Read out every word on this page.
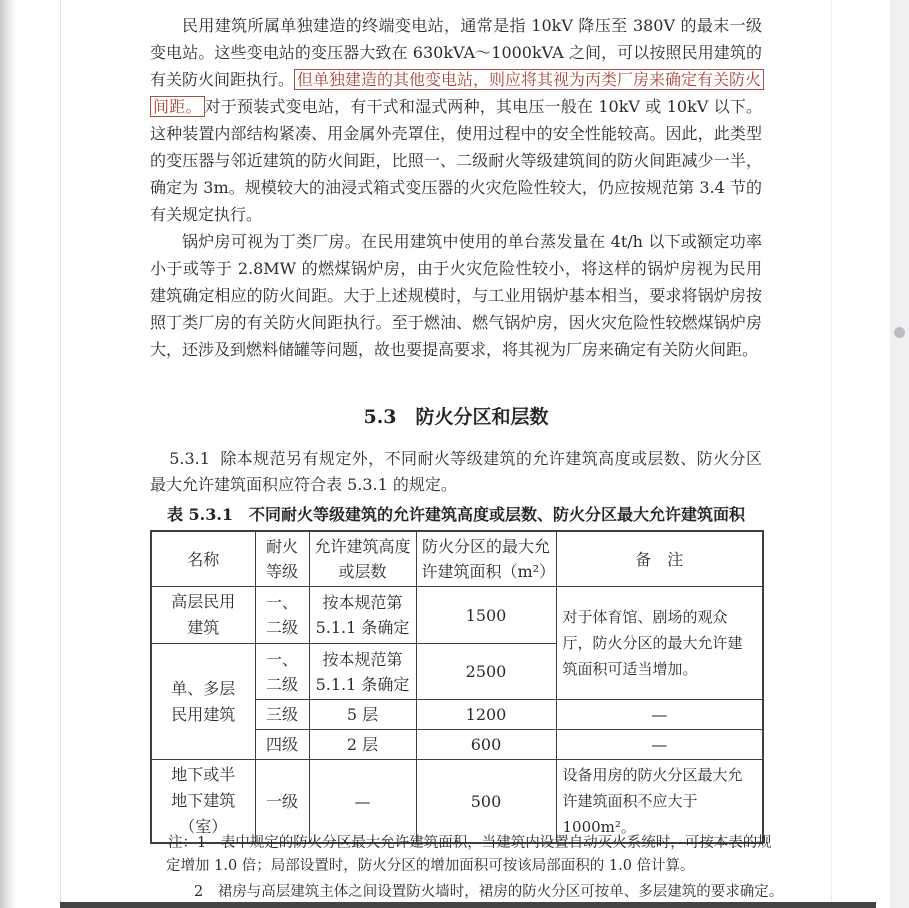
民用建筑所属单独建造的终端变电站，通常是指 10kV 降压至 380V 的最末一级变电站。这些变电站的变压器大致在 630kVA～1000kVA 之间，可以按照民用建筑的有关防火间距执行。 但单独建造的其他变电站，则应将其视为丙类厂房来确定有关防火间距。 对于预装式变电站，有干式和湿式两种，其电压一般在 10kV 或 10kV 以下。这种装置内部结构紧凑、用金属外壳罩住，使用过程中的安全性能较高。因此，此类型的变压器与邻近建筑的防火间距，比照一、二级耐火等级建筑间的防火间距减少一半，确定为 3m。规模较大的油浸式箱式变压器的火灾危险性较大，仍应按规范第 3.4 节的有关规定执行。

锅炉房可视为丁类厂房。在民用建筑中使用的单台蒸发量在 4t/h 以下或额定功率小于或等于 2.8MW 的燃煤锅炉房，由于火灾危险性较小，将这样的锅炉房视为民用建筑确定相应的防火间距。大于上述规模时，与工业用锅炉基本相当，要求将锅炉房按照丁类厂房的有关防火间距执行。至于燃油、燃气锅炉房，因火灾危险性较燃煤锅炉房大，还涉及到燃料储罐等问题，故也要提高要求，将其视为厂房来确定有关防火间距。

5.3　防火分区和层数

5.3.1 除本规范另有规定外，不同耐火等级建筑的允许建筑高度或层数、防火分区最大允许建筑面积应符合表 5.3.1 的规定。

表 5.3.1　不同耐火等级建筑的允许建筑高度或层数、防火分区最大允许建筑面积
名称	耐火等级	允许建筑高度或层数	防火分区的最大允许建筑面积（m²）	备　注
高层民用建筑	一、二级	按本规范第 5.1.1 条确定	1500	对于体育馆、剧场的观众厅，防火分区的最大允许建筑面积可适当增加。
单、多层民用建筑	一、二级	按本规范第 5.1.1 条确定	2500	
	三级	5 层	1200	—
	四级	2 层	600	—
地下或半地下建筑（室）	一级	—	500	设备用房的防火分区最大允许建筑面积不应大于 1000m²。
注：1　表中规定的防火分区最大允许建筑面积，当建筑内设置自动灭火系统时，可按本表的规
定增加 1.0 倍；局部设置时，防火分区的增加面积可按该局部面积的 1.0 倍计算。
2　裙房与高层建筑主体之间设置防火墙时，裙房的防火分区可按单、多层建筑的要求确定。
